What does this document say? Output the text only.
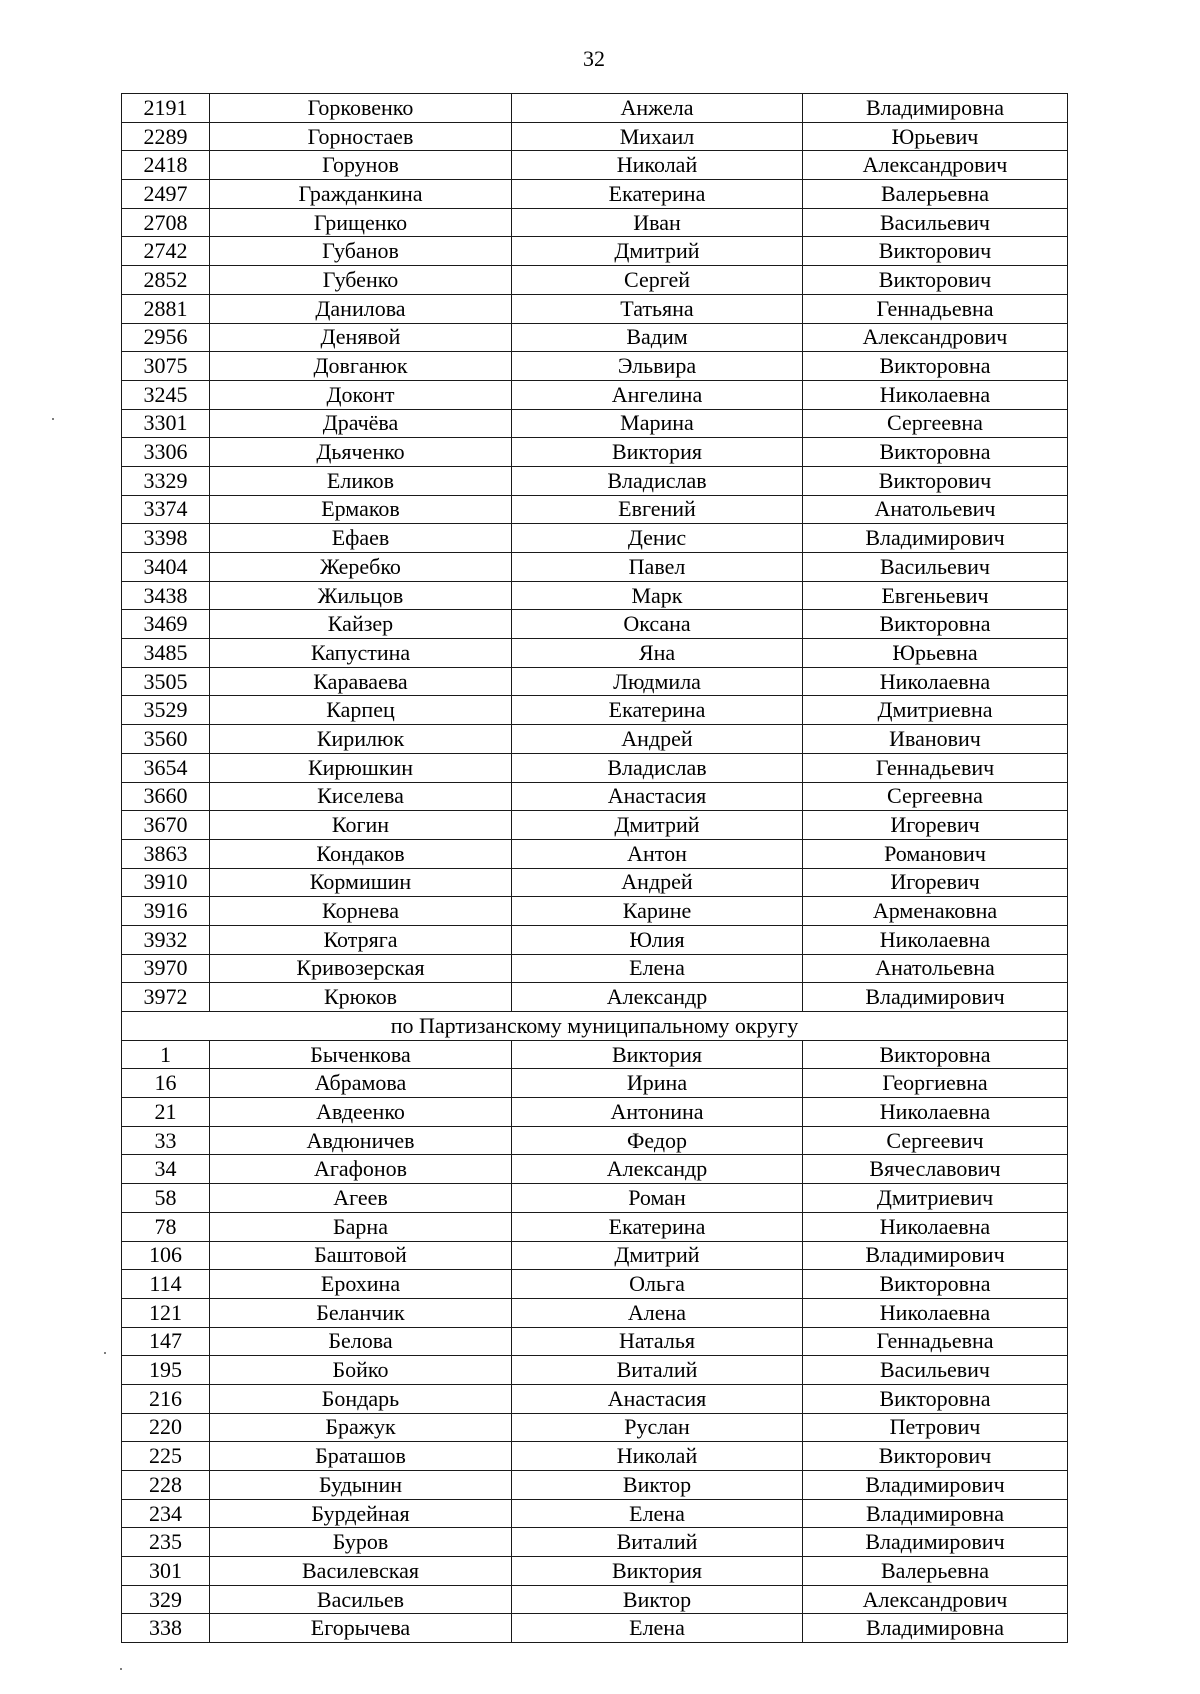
32
2191	Горковенко	Анжела	Владимировна
2289	Горностаев	Михаил	Юрьевич
2418	Горунов	Николай	Александрович
2497	Гражданкина	Екатерина	Валерьевна
2708	Грищенко	Иван	Васильевич
2742	Губанов	Дмитрий	Викторович
2852	Губенко	Сергей	Викторович
2881	Данилова	Татьяна	Геннадьевна
2956	Денявой	Вадим	Александрович
3075	Довганюк	Эльвира	Викторовна
3245	Доконт	Ангелина	Николаевна
3301	Драчёва	Марина	Сергеевна
3306	Дьяченко	Виктория	Викторовна
3329	Еликов	Владислав	Викторович
3374	Ермаков	Евгений	Анатольевич
3398	Ефаев	Денис	Владимирович
3404	Жеребко	Павел	Васильевич
3438	Жильцов	Марк	Евгеньевич
3469	Кайзер	Оксана	Викторовна
3485	Капустина	Яна	Юрьевна
3505	Караваева	Людмила	Николаевна
3529	Карпец	Екатерина	Дмитриевна
3560	Кирилюк	Андрей	Иванович
3654	Кирюшкин	Владислав	Геннадьевич
3660	Киселева	Анастасия	Сергеевна
3670	Когин	Дмитрий	Игоревич
3863	Кондаков	Антон	Романович
3910	Кормишин	Андрей	Игоревич
3916	Корнева	Карине	Арменаковна
3932	Котряга	Юлия	Николаевна
3970	Кривозерская	Елена	Анатольевна
3972	Крюков	Александр	Владимирович
по Партизанскому муниципальному округу			
1	Быченкова	Виктория	Викторовна
16	Абрамова	Ирина	Георгиевна
21	Авдеенко	Антонина	Николаевна
33	Авдюничев	Федор	Сергеевич
34	Агафонов	Александр	Вячеславович
58	Агеев	Роман	Дмитриевич
78	Барна	Екатерина	Николаевна
106	Баштовой	Дмитрий	Владимирович
114	Ерохина	Ольга	Викторовна
121	Беланчик	Алена	Николаевна
147	Белова	Наталья	Геннадьевна
195	Бойко	Виталий	Васильевич
216	Бондарь	Анастасия	Викторовна
220	Бражук	Руслан	Петрович
225	Браташов	Николай	Викторович
228	Будынин	Виктор	Владимирович
234	Бурдейная	Елена	Владимировна
235	Буров	Виталий	Владимирович
301	Василевская	Виктория	Валерьевна
329	Васильев	Виктор	Александрович
338	Егорычева	Елена	Владимировна
